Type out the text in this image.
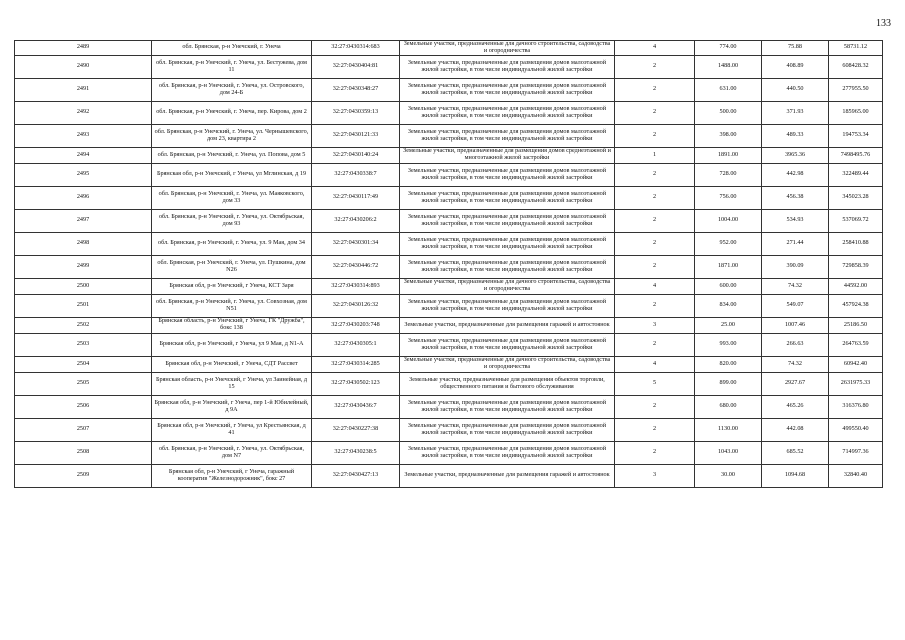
133
2489	обл. Брянская, р-н Унечский, г. Унеча	32:27:0430314:683	Земельные участки, предназначенные для дачного строительства, садоводства и огородничества	4	774.00	75.88	58731.12
2490	обл. Брянская, р-н Унечский, г. Унеча, ул. Бестужева, дом 11	32:27:0430404:81	Земельные участки, предназначенные для размещения домов малоэтажной жилой застройки, в том числе индивидуальной жилой застройки	2	1488.00	408.89	608428.32
2491	обл. Брянская, р-н Унечский, г. Унеча, ул. Островского, дом 24-Б	32:27:0430348:27	Земельные участки, предназначенные для размещения домов малоэтажной жилой застройки, в том числе индивидуальной жилой застройки	2	631.00	440.50	277955.50
2492	обл. Брянская, р-н Унечский, г. Унеча, пер. Кирова, дом 2	32:27:0430359:13	Земельные участки, предназначенные для размещения домов малоэтажной жилой застройки, в том числе индивидуальной жилой застройки	2	500.00	371.93	185965.00
2493	обл. Брянская, р-н Унечский, г. Унеча, ул. Чернышевского, дом 23, квартира 2	32:27:0430121:33	Земельные участки, предназначенные для размещения домов малоэтажной жилой застройки, в том числе индивидуальной жилой застройки	2	398.00	489.33	194753.34
2494	обл. Брянская, р-н Унечский, г. Унеча, ул. Попова, дом 5	32:27:0430140:24	Земельные участки, предназначенные для размещения домов среднеэтажной и многоэтажной жилой застройки	1	1891.00	3965.36	7498495.76
2495	Брянская обл, р-н Унечский, г Унеча, ул Мглинская, д 19	32:27:0430338:7	Земельные участки, предназначенные для размещения домов малоэтажной жилой застройки, в том числе индивидуальной жилой застройки	2	728.00	442.98	322489.44
2496	обл. Брянская, р-н Унечский, г. Унеча, ул. Маяковского, дом 33	32:27:0430117:49	Земельные участки, предназначенные для размещения домов малоэтажной жилой застройки, в том числе индивидуальной жилой застройки	2	756.00	456.38	345023.28
2497	обл. Брянская, р-н Унечский, г. Унеча, ул. Октябрьская, дом 93	32:27:0430206:2	Земельные участки, предназначенные для размещения домов малоэтажной жилой застройки, в том числе индивидуальной жилой застройки	2	1004.00	534.93	537069.72
2498	обл. Брянская, р-н Унечский, г. Унеча, ул. 9 Мая, дом 34	32:27:0430301:34	Земельные участки, предназначенные для размещения домов малоэтажной жилой застройки, в том числе индивидуальной жилой застройки	2	952.00	271.44	258410.88
2499	обл. Брянская, р-н Унечский, г. Унеча, ул. Пушкина, дом N26	32:27:0430446:72	Земельные участки, предназначенные для размещения домов малоэтажной жилой застройки, в том числе индивидуальной жилой застройки	2	1871.00	390.09	729858.39
2500	Брянская обл, р-н Унечский, г Унеча, КСТ Заря	32:27:0430314:893	Земельные участки, предназначенные для дачного строительства, садоводства и огородничества	4	600.00	74.32	44592.00
2501	обл. Брянская, р-н Унечский, г. Унеча, ул. Совхозная, дом N51	32:27:0430126:32	Земельные участки, предназначенные для размещения домов малоэтажной жилой застройки, в том числе индивидуальной жилой застройки	2	834.00	549.07	457924.38
2502	Брянская область, р-н Унечский, г Унеча, ГК "Дружба", бокс 138	32:27:0430203:748	Земельные участки, предназначенные для размещения гаражей и автостоянок	3	25.00	1007.46	25186.50
2503	Брянская обл, р-н Унечский, г Унеча, ул 9 Мая, д N1-А	32:27:0430305:1	Земельные участки, предназначенные для размещения домов малоэтажной жилой застройки, в том числе индивидуальной жилой застройки	2	993.00	266.63	264763.59
2504	Брянская обл, р-н Унечский, г Унеча, СДТ Рассвет	32:27:0430314:285	Земельные участки, предназначенные для дачного строительства, садоводства и огородничества	4	820.00	74.32	60942.40
2505	Брянская область, р-н Унечский, г Унеча, ул Заинейная, д 15	32:27:0430502:123	Земельные участки, предназначенные для размещения объектов торговли, общественного питания и бытового обслуживания	5	899.00	2927.67	2631975.33
2506	Брянская обл, р-н Унечский, г Унеча, пер 1-й Юбилейный, д 9А	32:27:0430436:7	Земельные участки, предназначенные для размещения домов малоэтажной жилой застройки, в том числе индивидуальной жилой застройки	2	680.00	465.26	316376.80
2507	Брянская обл, р-н Унечский, г Унеча, ул Крестьянская, д 41	32:27:0430227:38	Земельные участки, предназначенные для размещения домов малоэтажной жилой застройки, в том числе индивидуальной жилой застройки	2	1130.00	442.08	499550.40
2508	обл. Брянская, р-н Унечский, г. Унеча, ул. Октябрьская, дом N7	32:27:0430238:5	Земельные участки, предназначенные для размещения домов малоэтажной жилой застройки, в том числе индивидуальной жилой застройки	2	1043.00	685.52	714997.36
2509	Брянская обл, р-н Унечский, г Унеча, гаражный кооператив "Железнодорожник", бокс 27	32:27:0430427:13	Земельные участки, предназначенные для размещения гаражей и автостоянок	3	30.00	1094.68	32840.40
